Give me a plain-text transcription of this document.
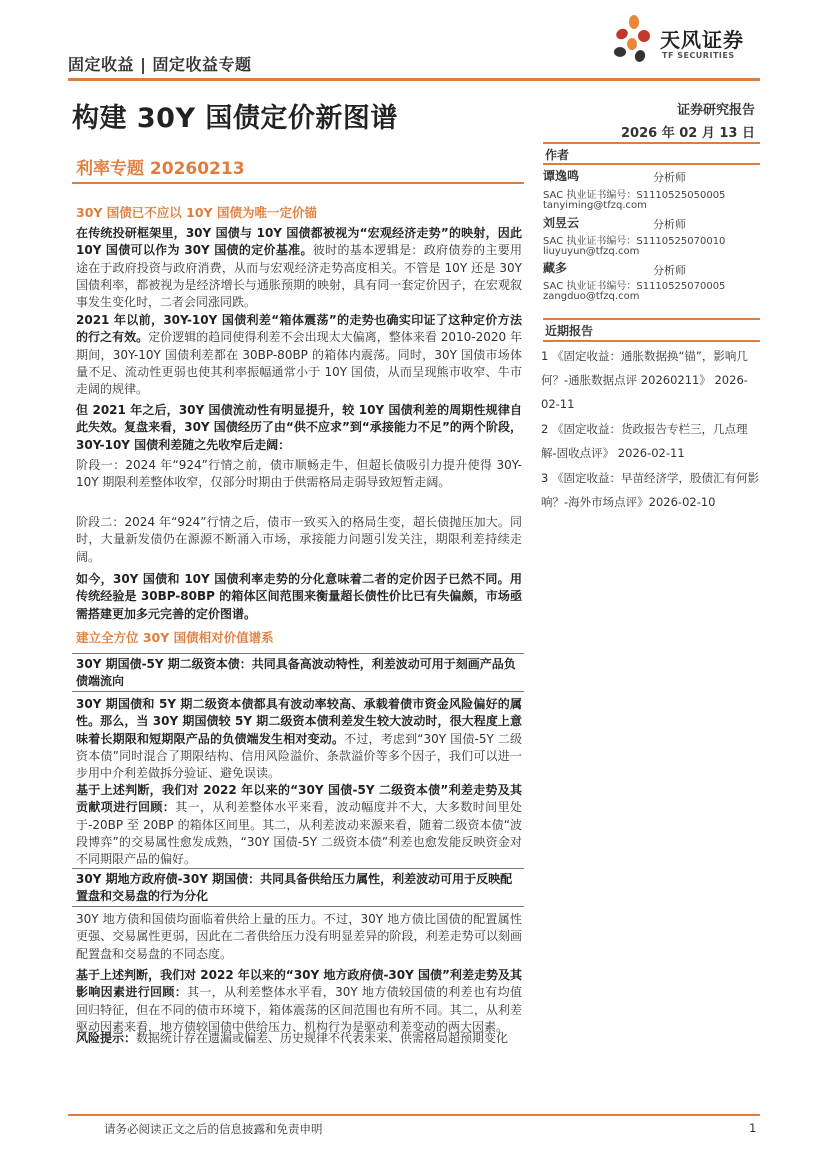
固定收益 | 固定收益专题
天风证券
TF SECURITIES
构建 30Y 国债定价新图谱
利率专题 20260213
证券研究报告
2026 年 02 月 13 日
作者
谭逸鸣	分析师
SAC 执业证书编号：S1110525050005
tanyiming@tfzq.com
刘昱云	分析师
SAC 执业证书编号：S1110525070010
liuyuyun@tfzq.com
藏多	分析师
SAC 执业证书编号：S1110525070005
zangduo@tfzq.com
近期报告
1 《固定收益：通胀数据换“锚”，影响几何？-通胀数据点评 20260211》 2026-02-11
2 《固定收益：货政报告专栏三，几点理解-固收点评》 2026-02-11
3 《固定收益：早苗经济学，股债汇有何影响？-海外市场点评》2026-02-10
30Y 国债已不应以 10Y 国债为唯一定价锚
在传统投研框架里，30Y 国债与 10Y 国债都被视为“宏观经济走势”的映射，因此 10Y 国债可以作为 30Y 国债的定价基准。彼时的基本逻辑是：政府债券的主要用途在于政府投资与政府消费，从而与宏观经济走势高度相关。不管是 10Y 还是 30Y 国债利率，都被视为是经济增长与通胀预期的映射，具有同一套定价因子，在宏观叙事发生变化时，二者会同涨同跌。
2021 年以前，30Y-10Y 国债利差“箱体震荡”的走势也确实印证了这种定价方法的行之有效。定价逻辑的趋同使得利差不会出现太大偏离，整体来看 2010-2020 年期间，30Y-10Y 国债利差都在 30BP-80BP 的箱体内震荡。同时，30Y 国债市场体量不足、流动性更弱也使其利率振幅通常小于 10Y 国债，从而呈现熊市收窄、牛市走阔的规律。
但 2021 年之后，30Y 国债流动性有明显提升，较 10Y 国债利差的周期性规律自此失效。复盘来看，30Y 国债经历了由“供不应求”到“承接能力不足”的两个阶段，30Y-10Y 国债利差随之先收窄后走阔：
阶段一：2024 年“924”行情之前，债市顺畅走牛，但超长债吸引力提升使得 30Y-10Y 期限利差整体收窄，仅部分时期由于供需格局走弱导致短暂走阔。
阶段二：2024 年“924”行情之后，债市一致买入的格局生变，超长债抛压加大。同时，大量新发债仍在源源不断涌入市场，承接能力问题引发关注，期限利差持续走阔。
如今，30Y 国债和 10Y 国债利率走势的分化意味着二者的定价因子已然不同。用传统经验是 30BP-80BP 的箱体区间范围来衡量超长债性价比已有失偏颇，市场亟需搭建更加多元完善的定价图谱。
建立全方位 30Y 国债相对价值谱系
30Y 期国债-5Y 期二级资本债：共同具备高波动特性，利差波动可用于刻画产品负债端流向
30Y 期国债和 5Y 期二级资本债都具有波动率较高、承载着债市资金风险偏好的属性。那么，当 30Y 期国债较 5Y 期二级资本债利差发生较大波动时，很大程度上意味着长期限和短期限产品的负债端发生相对变动。不过，考虑到“30Y 国债-5Y 二级资本债”同时混合了期限结构、信用风险溢价、条款溢价等多个因子，我们可以进一步用中介利差做拆分验证、避免误读。
基于上述判断，我们对 2022 年以来的“30Y 国债-5Y 二级资本债”利差走势及其贡献项进行回顾：其一，从利差整体水平来看，波动幅度并不大，大多数时间里处于-20BP 至 20BP 的箱体区间里。其二，从利差波动来源来看，随着二级资本债“波段博弈”的交易属性愈发成熟，“30Y 国债-5Y 二级资本债”利差也愈发能反映资金对不同期限产品的偏好。
30Y 期地方政府债-30Y 期国债：共同具备供给压力属性，利差波动可用于反映配置盘和交易盘的行为分化
30Y 地方债和国债均面临着供给上量的压力。不过，30Y 地方债比国债的配置属性更强、交易属性更弱，因此在二者供给压力没有明显差异的阶段，利差走势可以刻画配置盘和交易盘的不同态度。
基于上述判断，我们对 2022 年以来的“30Y 地方政府债-30Y 国债”利差走势及其影响因素进行回顾：其一，从利差整体水平看，30Y 地方债较国债的利差也有均值回归特征，但在不同的债市环境下，箱体震荡的区间范围也有所不同。其二，从利差驱动因素来看，地方债较国债中供给压力、机构行为是驱动利差变动的两大因素。
风险提示：数据统计存在遗漏或偏差、历史规律不代表未来、供需格局超预期变化
请务必阅读正文之后的信息披露和免责申明	1
